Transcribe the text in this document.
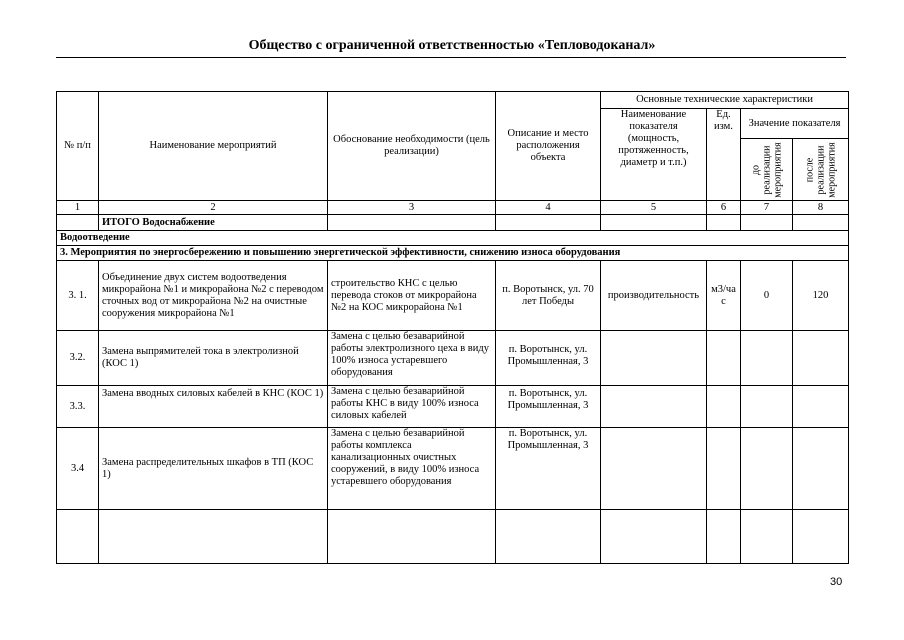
Общество с ограниченной ответственностью «Тепловодоканал»
№ п/п	Наименование мероприятий	Обоснование необходимости (цель реализации)	Описание и место расположения объекта	Основные технические характеристики			
				Наименование показателя (мощность, протяженность, диаметр и т.п.)	Ед. изм.	Значение показателя	

						до реализации мероприятия	после реализации мероприятия

1	2	3	4	5	6	7	8
	ИТОГО Водоснабжение						
Водоотведение							
3. Мероприятия по энергосбережению и повышению энергетической эффективности, снижению износа оборудования							
3. 1.	Объединение двух систем водоотведения микрорайона №1 и микрорайона №2 с переводом сточных вод от микрорайона №2 на очистные сооружения микрорайона №1	строительство КНС с целью перевода стоков от микрорайона №2 на КОС микрорайона №1	п. Воротынск, ул. 70 лет Победы	производительность	м3/час	0	120
3.2.	Замена выпрямителей тока в электролизной (КОС 1)	Замена с целью безаварийной работы электролизного цеха в виду 100% износа устаревшего оборудования	п. Воротынск, ул. Промышленная, 3				
3.3.	Замена вводных силовых кабелей в КНС (КОС 1)	Замена с целью безаварийной работы КНС в виду 100% износа силовых кабелей	п. Воротынск, ул. Промышленная, 3				
3.4	Замена распределительных шкафов в ТП (КОС 1)	Замена с целью безаварийной работы комплекса канализационных очистных сооружений, в виду 100% износа устаревшего оборудования	п. Воротынск, ул. Промышленная, 3				

30
